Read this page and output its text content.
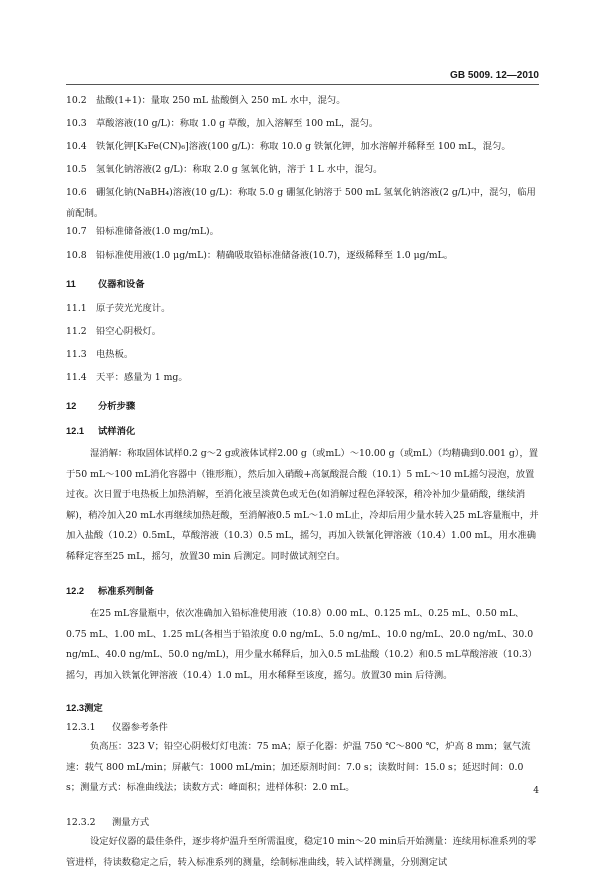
GB 5009. 12—2010
10.2 盐酸(1+1)：量取 250 mL 盐酸倒入 250 mL 水中，混匀。
10.3 草酸溶液(10 g/L)：称取 1.0 g 草酸，加入溶解至 100 mL，混匀。
10.4 铁氰化钾[K₃Fe(CN)₆]溶液(100 g/L)：称取 10.0 g 铁氰化钾，加水溶解并稀释至 100 mL，混匀。
10.5 氢氧化钠溶液(2 g/L)：称取 2.0 g 氢氧化钠，溶于 1 L 水中，混匀。
10.6 硼氢化钠(NaBH₄)溶液(10 g/L)：称取 5.0 g 硼氢化钠溶于 500 mL 氢氧化钠溶液(2 g/L)中，混匀，临用前配制。
10.7 铅标准储备液(1.0 mg/mL)。
10.8 铅标准使用液(1.0 μg/mL)：精确吸取铅标准储备液(10.7)，逐级稀释至 1.0 μg/mL。
11 仪器和设备
11.1 原子荧光光度计。
11.2 铅空心阴极灯。
11.3 电热板。
11.4 天平：感量为 1 mg。
12 分析步骤
12.1 试样消化
湿消解：称取固体试样0.2 g～2 g或液体试样2.00 g（或mL）～10.00 g（或mL）（均精确到0.001 g），置于50 mL～100 mL消化容器中（锥形瓶），然后加入硝酸+高氯酸混合酸（10.1）5 mL～10 mL摇匀浸泡，放置过夜。次日置于电热板上加热消解，至消化液呈淡黄色或无色(如消解过程色泽较深，稍冷补加少量硝酸，继续消解)，稍冷加入20 mL水再继续加热赶酸，至消解液0.5 mL～1.0 mL止，冷却后用少量水转入25 mL容量瓶中，并加入盐酸（10.2）0.5mL，草酸溶液（10.3）0.5 mL，摇匀，再加入铁氰化钾溶液（10.4）1.00 mL，用水准确稀释定容至25 mL，摇匀，放置30 min 后测定。同时做试剂空白。
12.2 标准系列制备
在25 mL容量瓶中，依次准确加入铅标准使用液（10.8）0.00 mL、0.125 mL、0.25 mL、0.50 mL、0.75 mL、1.00 mL、1.25 mL(各相当于铅浓度 0.0 ng/mL、5.0 ng/mL、10.0 ng/mL、20.0 ng/mL、30.0 ng/mL、40.0 ng/mL、50.0 ng/mL)，用少量水稀释后，加入0.5 mL盐酸（10.2）和0.5 mL草酸溶液（10.3）摇匀，再加入铁氰化钾溶液（10.4）1.0 mL，用水稀释至该度，摇匀。放置30 min 后待测。
12.3测定
12.3.1 仪器参考条件
负高压：323 V；铅空心阴极灯灯电流：75 mA；原子化器：炉温 750 ℃～800 ℃，炉高 8 mm；氩气流速：载气 800 mL/min；屏蔽气：1000 mL/min；加还原剂时间：7.0 s；读数时间：15.0 s；延迟时间：0.0 s；测量方式：标准曲线法；读数方式：峰面积；进样体积：2.0 mL。
12.3.2 测量方式
设定好仪器的最佳条件，逐步将炉温升至所需温度，稳定10 min～20 min后开始测量：连续用标准系列的零管进样，待读数稳定之后，转入标准系列的测量，绘制标准曲线，转入试样测量，分别测定试
4
